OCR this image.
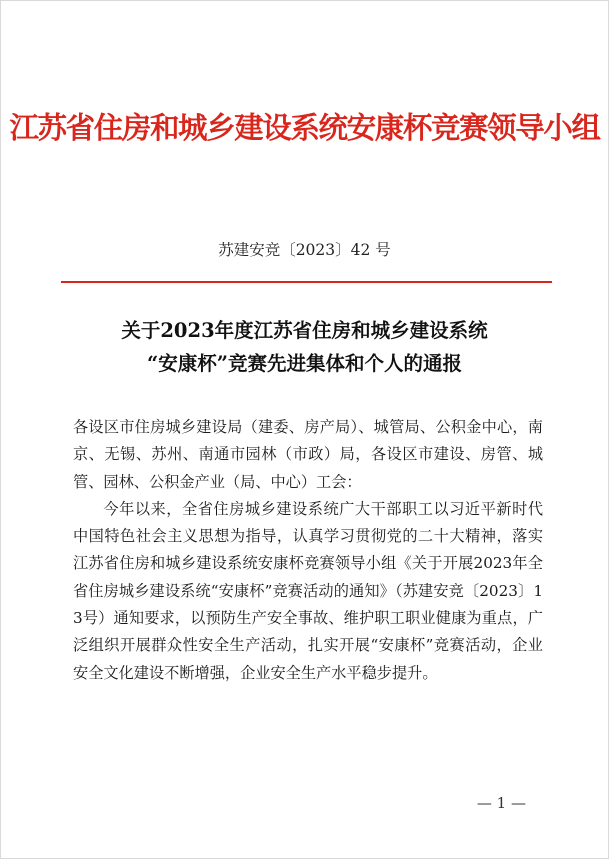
江苏省住房和城乡建设系统安康杯竞赛领导小组
苏建安竞〔2023〕42 号
关于2023年度江苏省住房和城乡建设系统
“安康杯”竞赛先进集体和个人的通报

各设区市住房城乡建设局（建委、房产局）、城管局、公积金中心，南京、无锡、苏州、南通市园林（市政）局，各设区市建设、房管、城管、园林、公积金产业（局、中心）工会：

今年以来，全省住房城乡建设系统广大干部职工以习近平新时代中国特色社会主义思想为指导，认真学习贯彻党的二十大精神，落实江苏省住房和城乡建设系统安康杯竞赛领导小组《关于开展2023年全省住房城乡建设系统“安康杯”竞赛活动的通知》（苏建安竞〔2023〕13号）通知要求，以预防生产安全事故、维护职工职业健康为重点，广泛组织开展群众性安全生产活动，扎实开展“安康杯”竞赛活动，企业安全文化建设不断增强，企业安全生产水平稳步提升。

— 1 —
